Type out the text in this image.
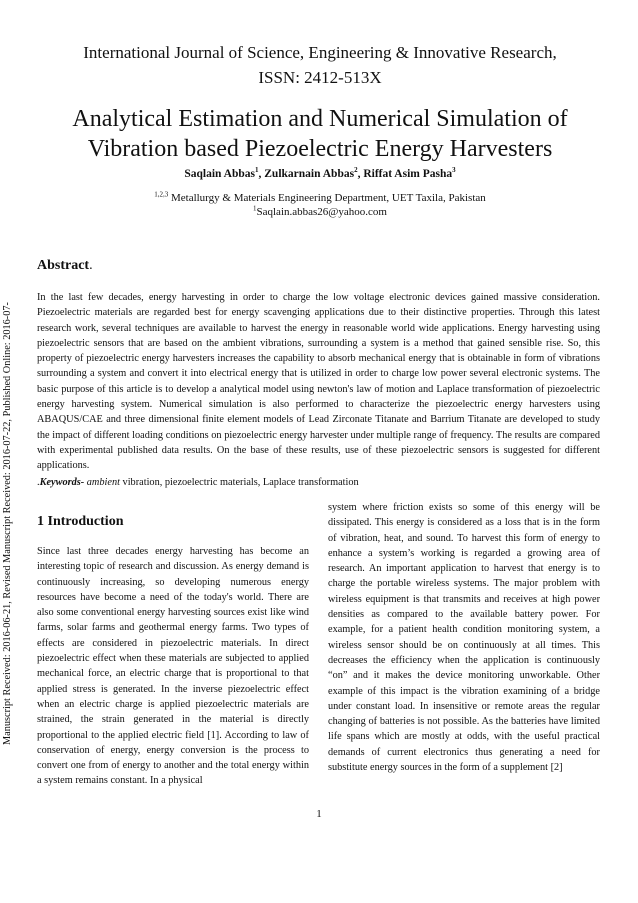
International Journal of Science, Engineering & Innovative Research,
ISSN: 2412-513X
Analytical Estimation and Numerical Simulation of
Vibration based Piezoelectric Energy Harvesters
Saqlain Abbas$^1$, Zulkarnain Abbas$^2$, Riffat Asim Pasha$^3$
$^{1,2,3}$ Metallurgy & Materials Engineering Department, UET Taxila, Pakistan
$^1$Saqlain.abbas26@yahoo.com
Manuscript Received: 2016-06-21, Revised Manuscript Received: 2016-07-22, Published Online: 2016-07-
Abstract.
In the last few decades, energy harvesting in order to charge the low voltage electronic devices gained massive consideration. Piezoelectric materials are regarded best for energy scavenging applications due to their distinctive properties. Through this latest research work, several techniques are available to harvest the energy in reasonable world wide applications. Energy harvesting using piezoelectric sensors that are based on the ambient vibrations, surrounding a system is a method that gained sensible rise. So, this property of piezoelectric energy harvesters increases the capability to absorb mechanical energy that is obtainable in form of vibrations surrounding a system and convert it into electrical energy that is utilized in order to charge low power several electronic systems. The basic purpose of this article is to develop a analytical model using newton's law of motion and Laplace transformation of piezoelectric energy harvesting system. Numerical simulation is also performed to characterize the piezoelectric energy harvesters using ABAQUS/CAE and three dimensional finite element models of Lead Zirconate Titanate and Barrium Titanate are developed to study the impact of different loading conditions on piezoelectric energy harvester under multiple range of frequency. The results are compared with experimental published data results. On the base of these results, use of these piezoelectric sensors is suggested for different applications.
.Keywords- ambient vibration, piezoelectric materials, Laplace transformation
1 Introduction
Since last three decades energy harvesting has become an interesting topic of research and discussion. As energy demand is continuously increasing, so developing numerous energy resources have become a need of the today's world. There are also some conventional energy harvesting sources exist like wind farms, solar farms and geothermal energy farms. Two types of effects are considered in piezoelectric materials. In direct piezoelectric effect when these materials are subjected to applied mechanical force, an electric charge that is proportional to that applied stress is generated. In the inverse piezoelectric effect when an electric charge is applied piezoelectric materials are strained, the strain generated in the material is directly proportional to the applied electric field [1]. According to law of conservation of energy, energy conversion is the process to convert one from of energy to another and the total energy within a system remains constant. In a physical
system where friction exists so some of this energy will be dissipated. This energy is considered as a loss that is in the form of vibration, heat, and sound. To harvest this form of energy to enhance a system’s working is regarded a growing area of research. An important application to harvest that energy is to charge the portable wireless systems. The major problem with wireless equipment is that transmits and receives at high power densities as compared to the available battery power. For example, for a patient health condition monitoring system, a wireless sensor should be on continuously at all times. This decreases the efficiency when the application is continuously “on” and it makes the device monitoring unworkable. Other example of this impact is the vibration examining of a bridge under constant load. In insensitive or remote areas the regular changing of batteries is not possible. As the batteries have limited life spans which are mostly at odds, with the useful practical demands of current electronics thus generating a need for substitute energy sources in the form of a supplement [2]
1
